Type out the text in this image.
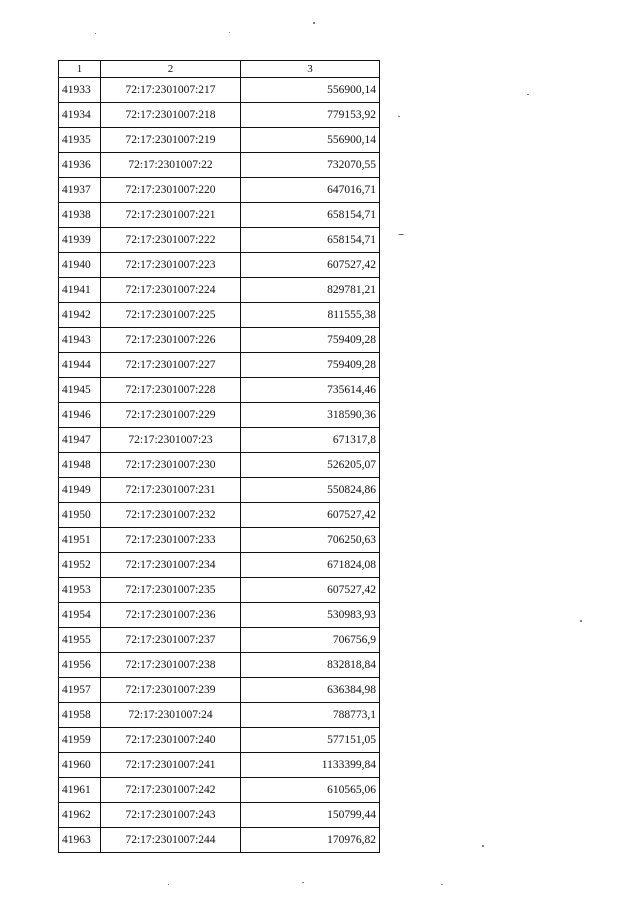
1	2	3
41933	72:17:2301007:217	556900,14
41934	72:17:2301007:218	779153,92
41935	72:17:2301007:219	556900,14
41936	72:17:2301007:22	732070,55
41937	72:17:2301007:220	647016,71
41938	72:17:2301007:221	658154,71
41939	72:17:2301007:222	658154,71
41940	72:17:2301007:223	607527,42
41941	72:17:2301007:224	829781,21
41942	72:17:2301007:225	811555,38
41943	72:17:2301007:226	759409,28
41944	72:17:2301007:227	759409,28
41945	72:17:2301007:228	735614,46
41946	72:17:2301007:229	318590,36
41947	72:17:2301007:23	671317,8
41948	72:17:2301007:230	526205,07
41949	72:17:2301007:231	550824,86
41950	72:17:2301007:232	607527,42
41951	72:17:2301007:233	706250,63
41952	72:17:2301007:234	671824,08
41953	72:17:2301007:235	607527,42
41954	72:17:2301007:236	530983,93
41955	72:17:2301007:237	706756,9
41956	72:17:2301007:238	832818,84
41957	72:17:2301007:239	636384,98
41958	72:17:2301007:24	788773,1
41959	72:17:2301007:240	577151,05
41960	72:17:2301007:241	1133399,84
41961	72:17:2301007:242	610565,06
41962	72:17:2301007:243	150799,44
41963	72:17:2301007:244	170976,82
